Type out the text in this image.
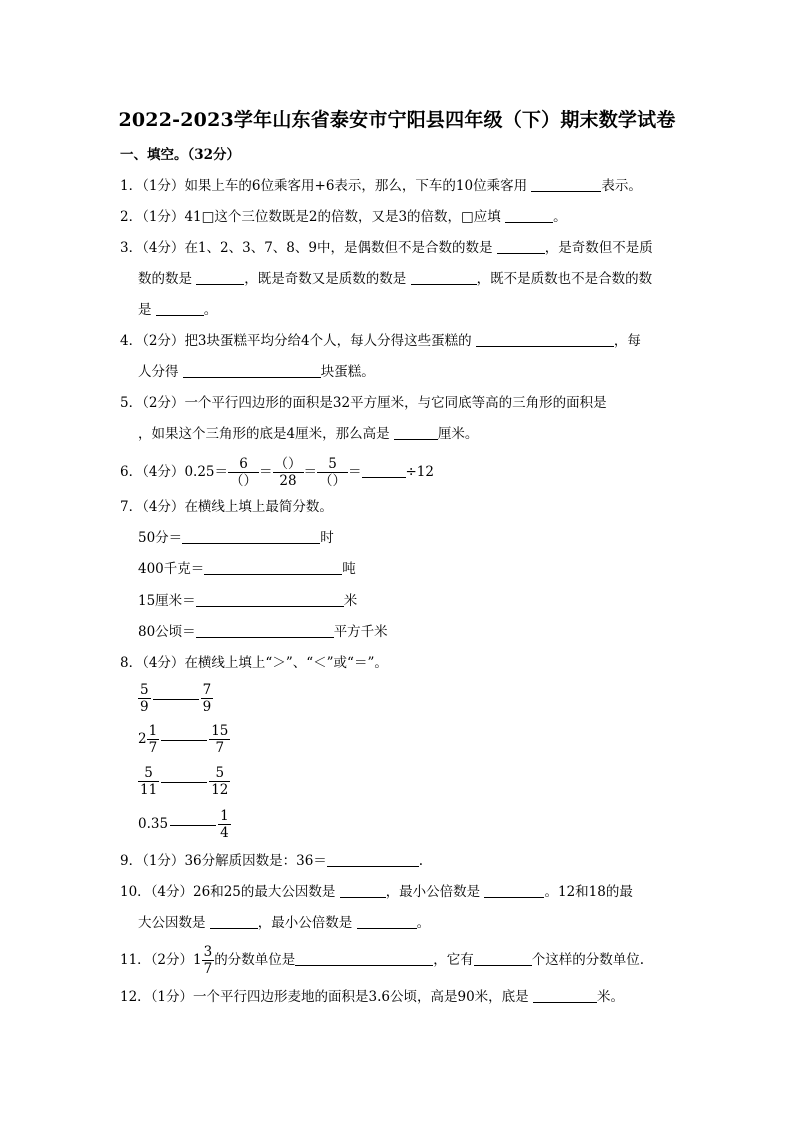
2022-2023学年山东省泰安市宁阳县四年级（下）期末数学试卷
一、填空。（32分）
1．（1分）如果上车的6位乘客用+6表示，那么，下车的10位乘客用	表示。
2．（1分）41□这个三位数既是2的倍数，又是3的倍数，□应填	。
3．（4分）在1、2、3、7、8、9中，是偶数但不是合数的数是	，是奇数但不是质
数的数是	，既是奇数又是质数的数是	，既不是质数也不是合数的数
是	。
4．（2分）把3块蛋糕平均分给4个人，每人分得这些蛋糕的	，每
人分得	块蛋糕。
5．（2分）一个平行四边形的面积是32平方厘米，与它同底等高的三角形的面积是
，如果这个三角形的底是4厘米，那么高是	厘米。
6．（4分）$0.25= \frac{6}{()} = \frac{()}{28} = \frac{5}{()}$ ＝	÷12
7．（4分）在横线上填上最简分数。
50分＝	时
400千克＝	吨
15厘米＝	米
80公顷＝	平方千米
8．（4分）在横线上填上“＞”、“＜”或“＝”。
$\frac{5}{9}$	$\frac{7}{9}$
$2 \frac{1}{7}$	$\frac{15}{7}$
$\frac{5}{11}$	$\frac{5}{12}$
0.35	$\frac{1}{4}$
9．（1分）36分解质因数是：36＝	.
10．（4分）26和25的最大公因数是	，最小公倍数是	。12和18的最
大公因数是	，最小公倍数是	。
11．（2分）$1 \frac{3}{7}$ 的分数单位是	，它有	个这样的分数单位.
12．（1分）一个平行四边形麦地的面积是3.6公顷，高是90米，底是	米。
